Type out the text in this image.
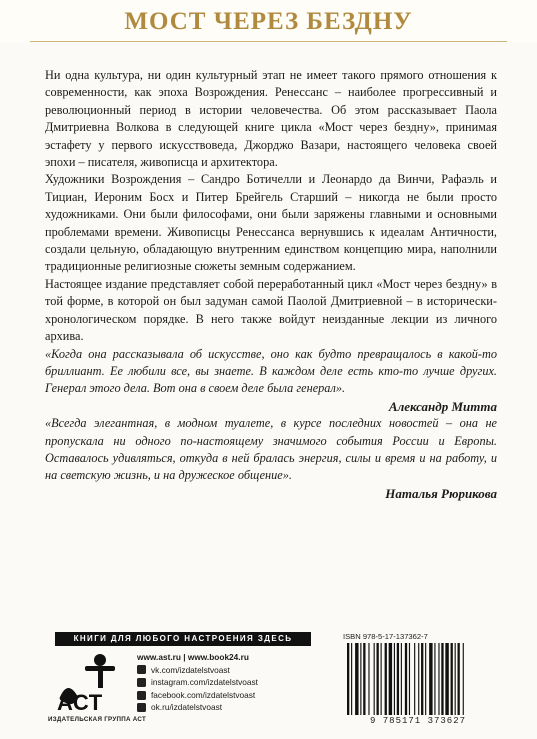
МОСТ ЧЕРЕЗ БЕЗДНУ

Ни одна культура, ни один культурный этап не имеет такого прямого отношения к современности, как эпоха Возрождения. Ренессанс – наиболее прогрессивный и революционный период в истории человечества. Об этом рассказывает Паола Дмитриевна Волкова в следующей книге цикла «Мост через бездну», принимая эстафету у первого искусствоведа, Джорджо Вазари, настоящего человека своей эпохи – писателя, живописца и архитектора.

Художники Возрождения – Сандро Ботичелли и Леонардо да Винчи, Рафаэль и Тициан, Иероним Босх и Питер Брейгель Старший – никогда не были просто художниками. Они были философами, они были заряжены главными и основными проблемами времени. Живописцы Ренессанса вернувшись к идеалам Античности, создали цельную, обладающую внутренним единством концепцию мира, наполнили традиционные религиозные сюжеты земным содержанием.

Настоящее издание представляет собой переработанный цикл «Мост через бездну» в той форме, в которой он был задуман самой Паолой Дмитриевной – в исторически-хронологическом порядке. В него также войдут неизданные лекции из личного архива.

«Когда она рассказывала об искусстве, оно как будто превращалось в какой-то бриллиант. Ее любили все, вы знаете. В каждом деле есть кто-то лучше других. Генерал этого дела. Вот она в своем деле была генерал».

Александр Митта

«Всегда элегантная, в модном туалете, в курсе последних новостей – она не пропускала ни одного по-настоящему значимого события России и Европы. Оставалось удивляться, откуда в ней бралась энергия, силы и время и на работу, и на светскую жизнь, и на дружеское общение».

Наталья Рюрикова

КНИГИ ДЛЯ ЛЮБОГО НАСТРОЕНИЯ ЗДЕСЬ
ACT
ИЗДАТЕЛЬСКАЯ ГРУППА АСТ
www.ast.ru | www.book24.ru
vk.com/izdatelstvoast
instagram.com/izdatelstvoast
facebook.com/izdatelstvoast
ok.ru/izdatelstvoast
ISBN 978-5-17-137362-7
9 785171 373627
